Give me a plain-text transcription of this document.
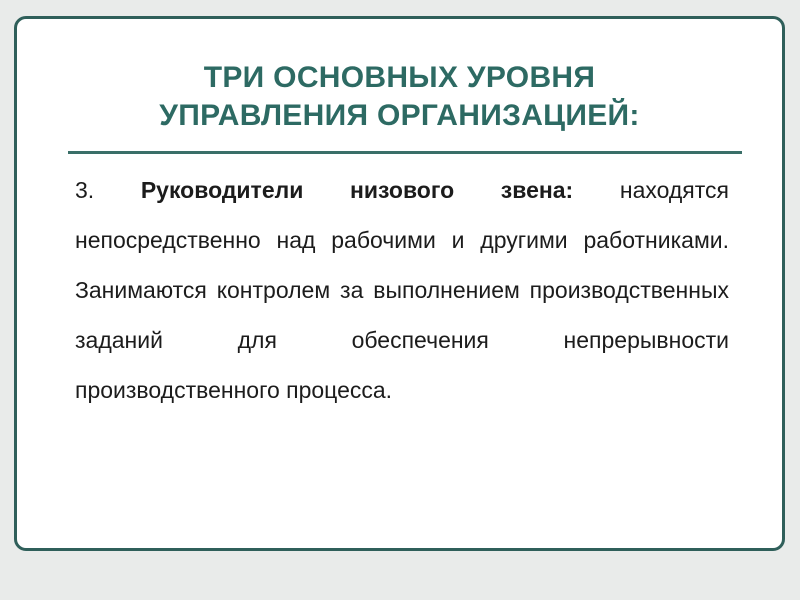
ТРИ ОСНОВНЫХ УРОВНЯ
УПРАВЛЕНИЯ ОРГАНИЗАЦИЕЙ:

3. Руководители низового звена: находятся непосредственно над рабочими и другими работниками. Занимаются контролем за выполнением производственных заданий для обеспечения непрерывности производственного процесса.
